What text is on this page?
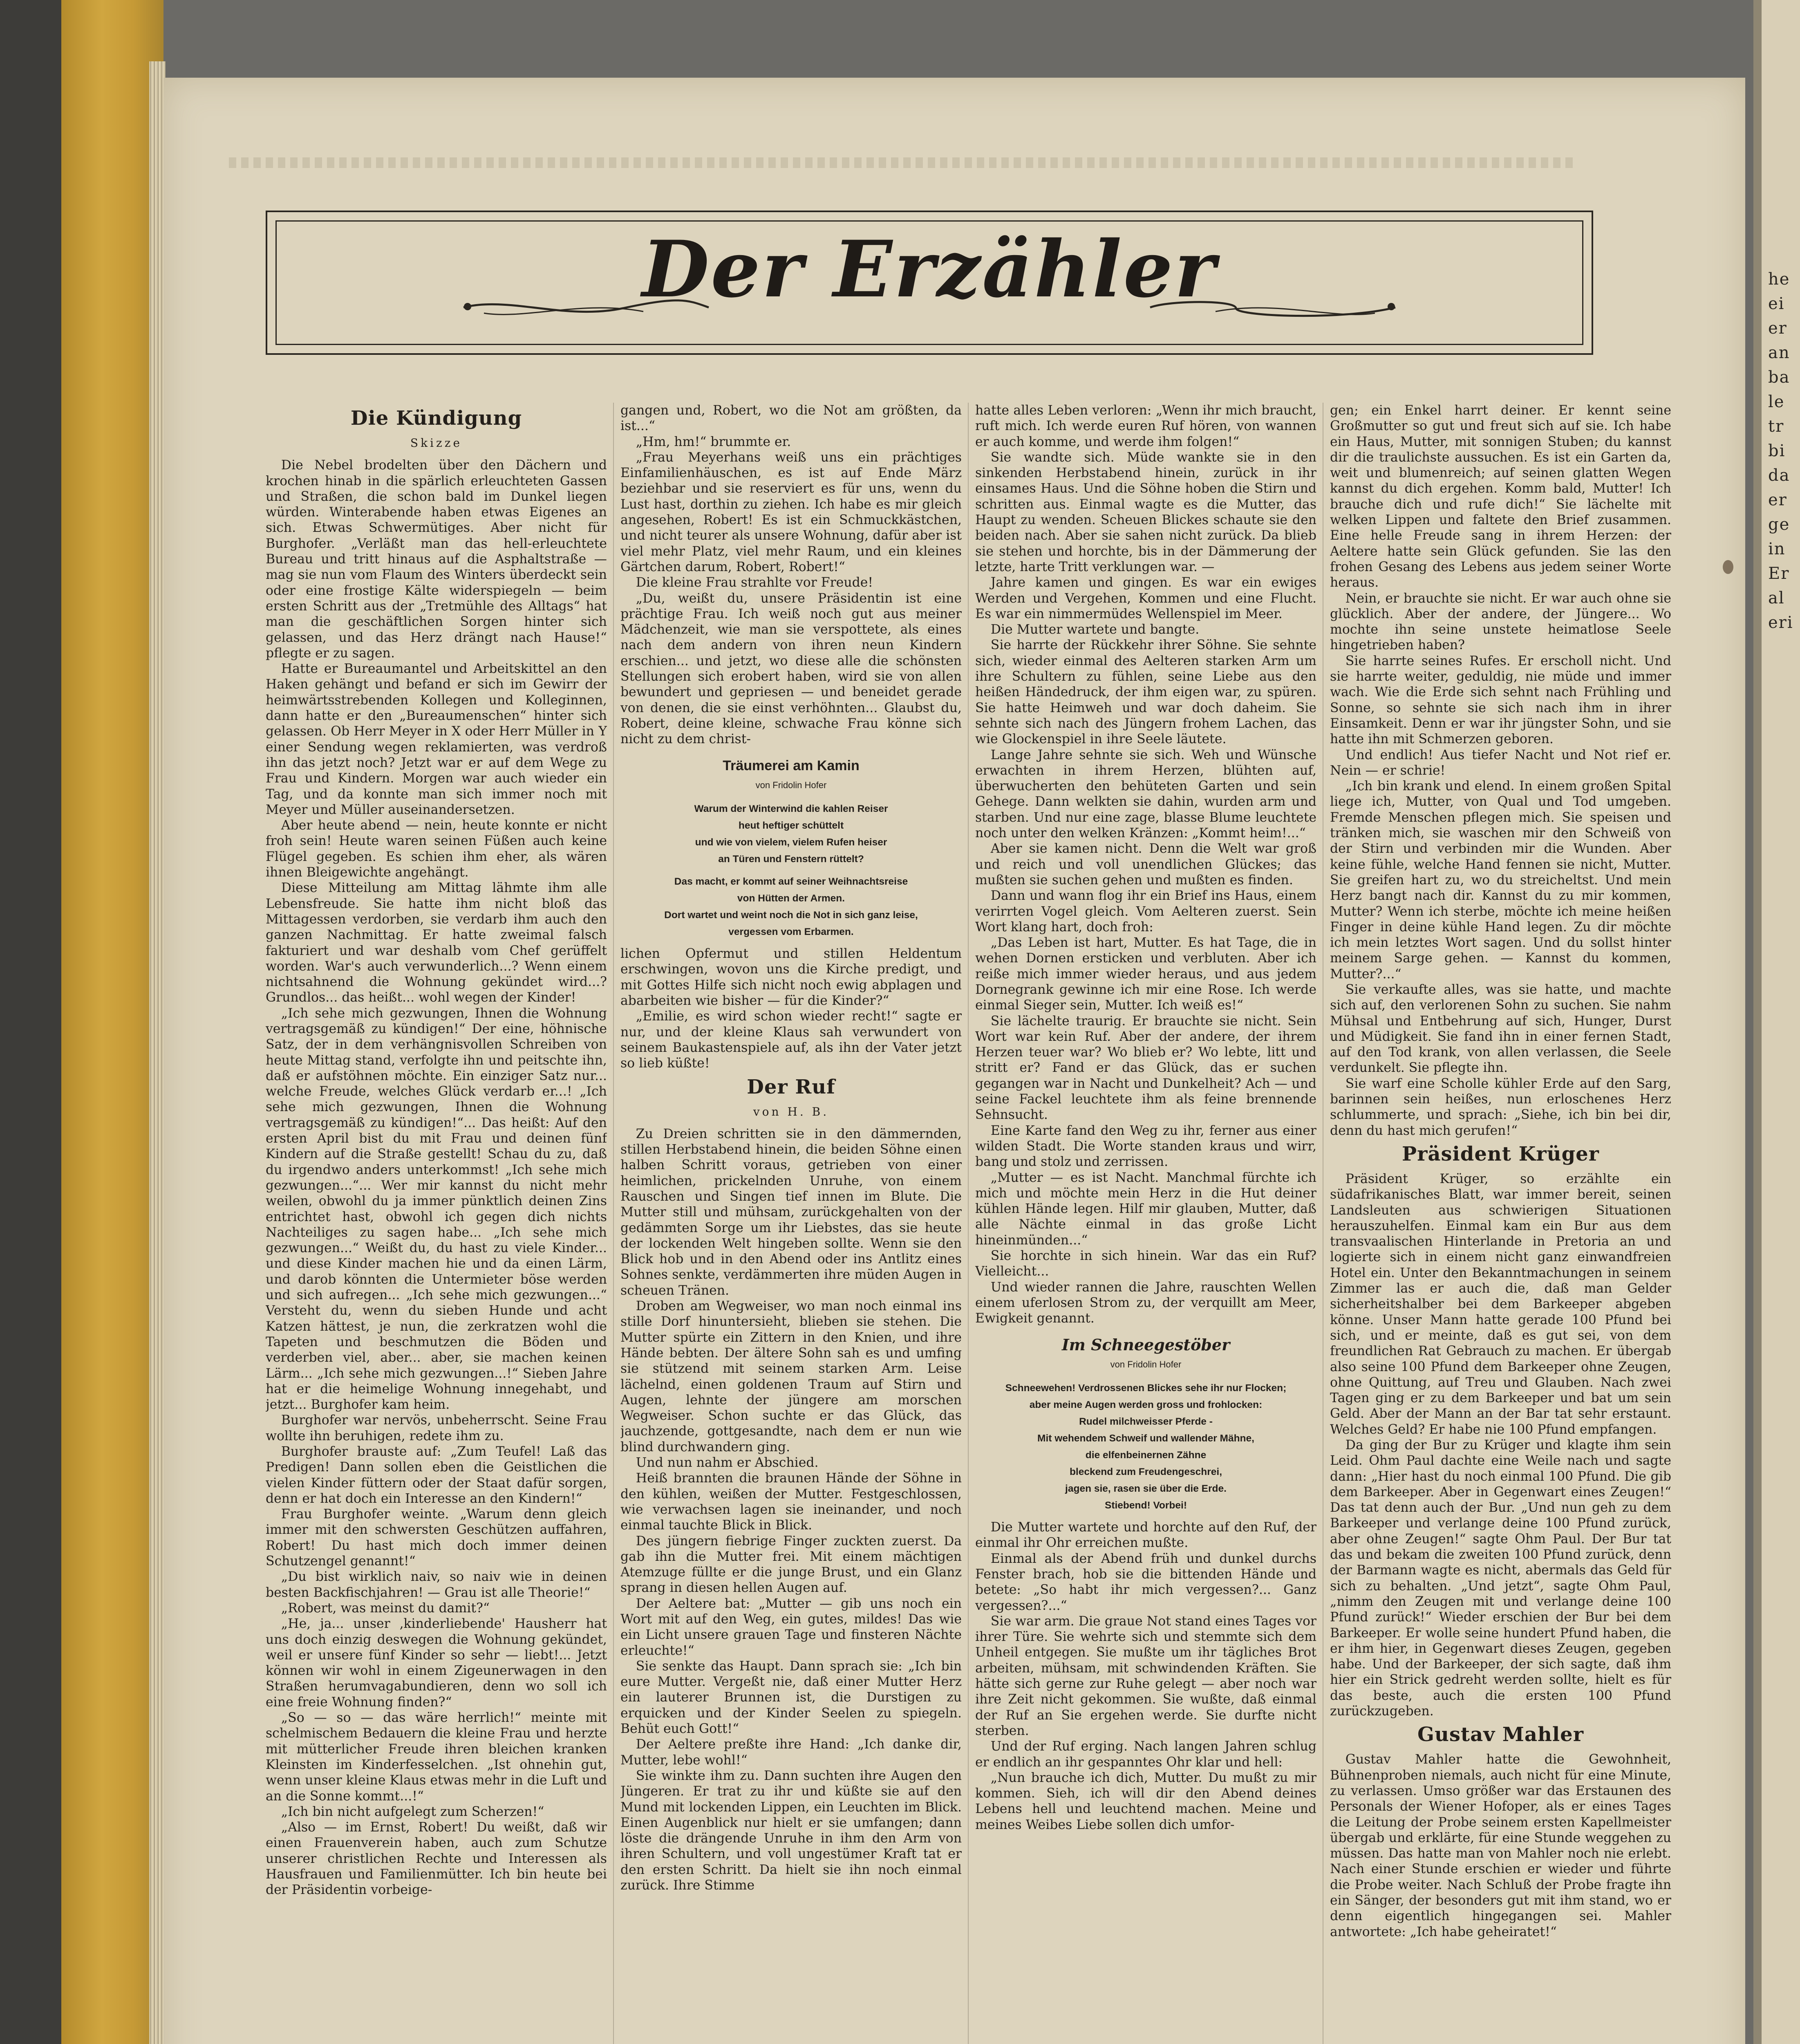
Der Erzähler
Die Kündigung
Skizze

Die Nebel brodelten über den Dächern und krochen hinab in die spärlich erleuchteten Gassen und Straßen, die schon bald im Dunkel liegen würden. Winterabende haben etwas Eigenes an sich. Etwas Schwermütiges. Aber nicht für Burghofer. „Verläßt man das hell-erleuchtete Bureau und tritt hinaus auf die Asphaltstraße — mag sie nun vom Flaum des Winters überdeckt sein oder eine frostige Kälte widerspiegeln — beim ersten Schritt aus der „Tretmühle des Alltags“ hat man die geschäftlichen Sorgen hinter sich gelassen, und das Herz drängt nach Hause!“ pflegte er zu sagen.

Hatte er Bureaumantel und Arbeitskittel an den Haken gehängt und befand er sich im Gewirr der heimwärtsstrebenden Kollegen und Kolleginnen, dann hatte er den „Bureaumenschen“ hinter sich gelassen. Ob Herr Meyer in X oder Herr Müller in Y einer Sendung wegen reklamierten, was verdroß ihn das jetzt noch? Jetzt war er auf dem Wege zu Frau und Kindern. Morgen war auch wieder ein Tag, und da konnte man sich immer noch mit Meyer und Müller auseinandersetzen.

Aber heute abend — nein, heute konnte er nicht froh sein! Heute waren seinen Füßen auch keine Flügel gegeben. Es schien ihm eher, als wären ihnen Bleigewichte angehängt.

Diese Mitteilung am Mittag lähmte ihm alle Lebensfreude. Sie hatte ihm nicht bloß das Mittagessen verdorben, sie verdarb ihm auch den ganzen Nachmittag. Er hatte zweimal falsch fakturiert und war deshalb vom Chef gerüffelt worden. War's auch verwunderlich...? Wenn einem nichtsahnend die Wohnung gekündet wird...? Grundlos... das heißt... wohl wegen der Kinder!

„Ich sehe mich gezwungen, Ihnen die Wohnung vertragsgemäß zu kündigen!“ Der eine, höhnische Satz, der in dem verhängnisvollen Schreiben von heute Mittag stand, verfolgte ihn und peitschte ihn, daß er aufstöhnen möchte. Ein einziger Satz nur... welche Freude, welches Glück verdarb er...! „Ich sehe mich gezwungen, Ihnen die Wohnung vertragsgemäß zu kündigen!“... Das heißt: Auf den ersten April bist du mit Frau und deinen fünf Kindern auf die Straße gestellt! Schau du zu, daß du irgendwo anders unterkommst! „Ich sehe mich gezwungen...“... Wer mir kannst du nicht mehr weilen, obwohl du ja immer pünktlich deinen Zins entrichtet hast, obwohl ich gegen dich nichts Nachteiliges zu sagen habe... „Ich sehe mich gezwungen...“ Weißt du, du hast zu viele Kinder... und diese Kinder machen hie und da einen Lärm, und darob könnten die Untermieter böse werden und sich aufregen... „Ich sehe mich gezwungen...“ Versteht du, wenn du sieben Hunde und acht Katzen hättest, je nun, die zerkratzen wohl die Tapeten und beschmutzen die Böden und verderben viel, aber... aber, sie machen keinen Lärm... „Ich sehe mich gezwungen...!“ Sieben Jahre hat er die heimelige Wohnung innegehabt, und jetzt... Burghofer kam heim.

Burghofer war nervös, unbeherrscht. Seine Frau wollte ihn beruhigen, redete ihm zu.

Burghofer brauste auf: „Zum Teufel! Laß das Predigen! Dann sollen eben die Geistlichen die vielen Kinder füttern oder der Staat dafür sorgen, denn er hat doch ein Interesse an den Kindern!“

Frau Burghofer weinte. „Warum denn gleich immer mit den schwersten Geschützen auffahren, Robert! Du hast mich doch immer deinen Schutzengel genannt!“

„Du bist wirklich naiv, so naiv wie in deinen besten Backfischjahren! — Grau ist alle Theorie!“

„Robert, was meinst du damit?“

„He, ja... unser ‚kinderliebende' Hausherr hat uns doch einzig deswegen die Wohnung gekündet, weil er unsere fünf Kinder so sehr — liebt!... Jetzt können wir wohl in einem Zigeunerwagen in den Straßen herumvagabundieren, denn wo soll ich eine freie Wohnung finden?“

„So — so — das wäre herrlich!“ meinte mit schelmischem Bedauern die kleine Frau und herzte mit mütterlicher Freude ihren bleichen kranken Kleinsten im Kinderfesselchen. „Ist ohnehin gut, wenn unser kleine Klaus etwas mehr in die Luft und an die Sonne kommt...!“

„Ich bin nicht aufgelegt zum Scherzen!“

„Also — im Ernst, Robert! Du weißt, daß wir einen Frauenverein haben, auch zum Schutze unserer christlichen Rechte und Interessen als Hausfrauen und Familienmütter. Ich bin heute bei der Präsidentin vorbeige-

gangen und, Robert, wo die Not am größten, da ist...“

„Hm, hm!“ brummte er.

„Frau Meyerhans weiß uns ein prächtiges Einfamilienhäuschen, es ist auf Ende März beziehbar und sie reserviert es für uns, wenn du Lust hast, dorthin zu ziehen. Ich habe es mir gleich angesehen, Robert! Es ist ein Schmuckkästchen, und nicht teurer als unsere Wohnung, dafür aber ist viel mehr Platz, viel mehr Raum, und ein kleines Gärtchen darum, Robert, Robert!“

Die kleine Frau strahlte vor Freude!

„Du, weißt du, unsere Präsidentin ist eine prächtige Frau. Ich weiß noch gut aus meiner Mädchenzeit, wie man sie verspottete, als eines nach dem andern von ihren neun Kindern erschien... und jetzt, wo diese alle die schönsten Stellungen sich erobert haben, wird sie von allen bewundert und gepriesen — und beneidet gerade von denen, die sie einst verhöhnten... Glaubst du, Robert, deine kleine, schwache Frau könne sich nicht zu dem christ-

Träumerei am Kamin
von Fridolin Hofer
Warum der Winterwind die kahlen Reiser
heut heftiger schüttelt
und wie von vielem, vielem Rufen heiser
an Türen und Fenstern rüttelt?
Das macht, er kommt auf seiner Weihnachtsreise
von Hütten der Armen.
Dort wartet und weint noch die Not in sich ganz leise,
vergessen vom Erbarmen.

lichen Opfermut und stillen Heldentum erschwingen, wovon uns die Kirche predigt, und mit Gottes Hilfe sich nicht noch ewig abplagen und abarbeiten wie bisher — für die Kinder?“

„Emilie, es wird schon wieder recht!“ sagte er nur, und der kleine Klaus sah verwundert von seinem Baukastenspiele auf, als ihn der Vater jetzt so lieb küßte!

Der Ruf
von H. B.

Zu Dreien schritten sie in den dämmernden, stillen Herbstabend hinein, die beiden Söhne einen halben Schritt voraus, getrieben von einer heimlichen, prickelnden Unruhe, von einem Rauschen und Singen tief innen im Blute. Die Mutter still und mühsam, zurückgehalten von der gedämmten Sorge um ihr Liebstes, das sie heute der lockenden Welt hingeben sollte. Wenn sie den Blick hob und in den Abend oder ins Antlitz eines Sohnes senkte, verdämmerten ihre müden Augen in scheuen Tränen.

Droben am Wegweiser, wo man noch einmal ins stille Dorf hinuntersieht, blieben sie stehen. Die Mutter spürte ein Zittern in den Knien, und ihre Hände bebten. Der ältere Sohn sah es und umfing sie stützend mit seinem starken Arm. Leise lächelnd, einen goldenen Traum auf Stirn und Augen, lehnte der jüngere am morschen Wegweiser. Schon suchte er das Glück, das jauchzende, gottgesandte, nach dem er nun wie blind durchwandern ging.

Und nun nahm er Abschied.

Heiß brannten die braunen Hände der Söhne in den kühlen, weißen der Mutter. Festgeschlossen, wie verwachsen lagen sie ineinander, und noch einmal tauchte Blick in Blick.

Des jüngern fiebrige Finger zuckten zuerst. Da gab ihn die Mutter frei. Mit einem mächtigen Atemzuge füllte er die junge Brust, und ein Glanz sprang in diesen hellen Augen auf.

Der Aeltere bat: „Mutter — gib uns noch ein Wort mit auf den Weg, ein gutes, mildes! Das wie ein Licht unsere grauen Tage und finsteren Nächte erleuchte!“

Sie senkte das Haupt. Dann sprach sie: „Ich bin eure Mutter. Vergeßt nie, daß einer Mutter Herz ein lauterer Brunnen ist, die Durstigen zu erquicken und der Kinder Seelen zu spiegeln. Behüt euch Gott!“

Der Aeltere preßte ihre Hand: „Ich danke dir, Mutter, lebe wohl!“

Sie winkte ihm zu. Dann suchten ihre Augen den Jüngeren. Er trat zu ihr und küßte sie auf den Mund mit lockenden Lippen, ein Leuchten im Blick. Einen Augenblick nur hielt er sie umfangen; dann löste die drängende Unruhe in ihm den Arm von ihren Schultern, und voll ungestümer Kraft tat er den ersten Schritt. Da hielt sie ihn noch einmal zurück. Ihre Stimme

hatte alles Leben verloren: „Wenn ihr mich braucht, ruft mich. Ich werde euren Ruf hören, von wannen er auch komme, und werde ihm folgen!“

Sie wandte sich. Müde wankte sie in den sinkenden Herbstabend hinein, zurück in ihr einsames Haus. Und die Söhne hoben die Stirn und schritten aus. Einmal wagte es die Mutter, das Haupt zu wenden. Scheuen Blickes schaute sie den beiden nach. Aber sie sahen nicht zurück. Da blieb sie stehen und horchte, bis in der Dämmerung der letzte, harte Tritt verklungen war. —

Jahre kamen und gingen. Es war ein ewiges Werden und Vergehen, Kommen und eine Flucht. Es war ein nimmermüdes Wellenspiel im Meer.

Die Mutter wartete und bangte.

Sie harrte der Rückkehr ihrer Söhne. Sie sehnte sich, wieder einmal des Aelteren starken Arm um ihre Schultern zu fühlen, seine Liebe aus den heißen Händedruck, der ihm eigen war, zu spüren. Sie hatte Heimweh und war doch daheim. Sie sehnte sich nach des Jüngern frohem Lachen, das wie Glockenspiel in ihre Seele läutete.

Lange Jahre sehnte sie sich. Weh und Wünsche erwachten in ihrem Herzen, blühten auf, überwucherten den behüteten Garten und sein Gehege. Dann welkten sie dahin, wurden arm und starben. Und nur eine zage, blasse Blume leuchtete noch unter den welken Kränzen: „Kommt heim!...“

Aber sie kamen nicht. Denn die Welt war groß und reich und voll unendlichen Glückes; das mußten sie suchen gehen und mußten es finden.

Dann und wann flog ihr ein Brief ins Haus, einem verirrten Vogel gleich. Vom Aelteren zuerst. Sein Wort klang hart, doch froh:

„Das Leben ist hart, Mutter. Es hat Tage, die in wehen Dornen ersticken und verbluten. Aber ich reiße mich immer wieder heraus, und aus jedem Dornegrank gewinne ich mir eine Rose. Ich werde einmal Sieger sein, Mutter. Ich weiß es!“

Sie lächelte traurig. Er brauchte sie nicht. Sein Wort war kein Ruf. Aber der andere, der ihrem Herzen teuer war? Wo blieb er? Wo lebte, litt und stritt er? Fand er das Glück, das er suchen gegangen war in Nacht und Dunkelheit? Ach — und seine Fackel leuchtete ihm als feine brennende Sehnsucht.

Eine Karte fand den Weg zu ihr, ferner aus einer wilden Stadt. Die Worte standen kraus und wirr, bang und stolz und zerrissen.

„Mutter — es ist Nacht. Manchmal fürchte ich mich und möchte mein Herz in die Hut deiner kühlen Hände legen. Hilf mir glauben, Mutter, daß alle Nächte einmal in das große Licht hineinmünden...“

Sie horchte in sich hinein. War das ein Ruf? Vielleicht...

Und wieder rannen die Jahre, rauschten Wellen einem uferlosen Strom zu, der verquillt am Meer, Ewigkeit genannt.

Im Schneegestöber
von Fridolin Hofer
Schneewehen! Verdrossenen Blickes sehe ihr nur Flocken;
aber meine Augen werden gross und frohlocken:
Rudel milchweisser Pferde -
Mit wehendem Schweif und wallender Mähne,
die elfenbeinernen Zähne
bleckend zum Freudengeschrei,
jagen sie, rasen sie über die Erde.
Stiebend! Vorbei!

Die Mutter wartete und horchte auf den Ruf, der einmal ihr Ohr erreichen mußte.

Einmal als der Abend früh und dunkel durchs Fenster brach, hob sie die bittenden Hände und betete: „So habt ihr mich vergessen?... Ganz vergessen?...“

Sie war arm. Die graue Not stand eines Tages vor ihrer Türe. Sie wehrte sich und stemmte sich dem Unheil entgegen. Sie mußte um ihr tägliches Brot arbeiten, mühsam, mit schwindenden Kräften. Sie hätte sich gerne zur Ruhe gelegt — aber noch war ihre Zeit nicht gekommen. Sie wußte, daß einmal der Ruf an Sie ergehen werde. Sie durfte nicht sterben.

Und der Ruf erging. Nach langen Jahren schlug er endlich an ihr gespanntes Ohr klar und hell:

„Nun brauche ich dich, Mutter. Du mußt zu mir kommen. Sieh, ich will dir den Abend deines Lebens hell und leuchtend machen. Meine und meines Weibes Liebe sollen dich umfor-

gen; ein Enkel harrt deiner. Er kennt seine Großmutter so gut und freut sich auf sie. Ich habe ein Haus, Mutter, mit sonnigen Stuben; du kannst dir die traulichste aussuchen. Es ist ein Garten da, weit und blumenreich; auf seinen glatten Wegen kannst du dich ergehen. Komm bald, Mutter! Ich brauche dich und rufe dich!“ Sie lächelte mit welken Lippen und faltete den Brief zusammen. Eine helle Freude sang in ihrem Herzen: der Aeltere hatte sein Glück gefunden. Sie las den frohen Gesang des Lebens aus jedem seiner Worte heraus.

Nein, er brauchte sie nicht. Er war auch ohne sie glücklich. Aber der andere, der Jüngere... Wo mochte ihn seine unstete heimatlose Seele hingetrieben haben?

Sie harrte seines Rufes. Er erscholl nicht. Und sie harrte weiter, geduldig, nie müde und immer wach. Wie die Erde sich sehnt nach Frühling und Sonne, so sehnte sie sich nach ihm in ihrer Einsamkeit. Denn er war ihr jüngster Sohn, und sie hatte ihn mit Schmerzen geboren.

Und endlich! Aus tiefer Nacht und Not rief er. Nein — er schrie!

„Ich bin krank und elend. In einem großen Spital liege ich, Mutter, von Qual und Tod umgeben. Fremde Menschen pflegen mich. Sie speisen und tränken mich, sie waschen mir den Schweiß von der Stirn und verbinden mir die Wunden. Aber keine fühle, welche Hand fennen sie nicht, Mutter. Sie greifen hart zu, wo du streicheltst. Und mein Herz bangt nach dir. Kannst du zu mir kommen, Mutter? Wenn ich sterbe, möchte ich meine heißen Finger in deine kühle Hand legen. Zu dir möchte ich mein letztes Wort sagen. Und du sollst hinter meinem Sarge gehen. — Kannst du kommen, Mutter?...“

Sie verkaufte alles, was sie hatte, und machte sich auf, den verlorenen Sohn zu suchen. Sie nahm Mühsal und Entbehrung auf sich, Hunger, Durst und Müdigkeit. Sie fand ihn in einer fernen Stadt, auf den Tod krank, von allen verlassen, die Seele verdunkelt. Sie pflegte ihn.

Sie warf eine Scholle kühler Erde auf den Sarg, barinnen sein heißes, nun erloschenes Herz schlummerte, und sprach: „Siehe, ich bin bei dir, denn du hast mich gerufen!“

Präsident Krüger

Präsident Krüger, so erzählte ein südafrikanisches Blatt, war immer bereit, seinen Landsleuten aus schwierigen Situationen herauszuhelfen. Einmal kam ein Bur aus dem transvaalischen Hinterlande in Pretoria an und logierte sich in einem nicht ganz einwandfreien Hotel ein. Unter den Bekanntmachungen in seinem Zimmer las er auch die, daß man Gelder sicherheitshalber bei dem Barkeeper abgeben könne. Unser Mann hatte gerade 100 Pfund bei sich, und er meinte, daß es gut sei, von dem freundlichen Rat Gebrauch zu machen. Er übergab also seine 100 Pfund dem Barkeeper ohne Zeugen, ohne Quittung, auf Treu und Glauben. Nach zwei Tagen ging er zu dem Barkeeper und bat um sein Geld. Aber der Mann an der Bar tat sehr erstaunt. Welches Geld? Er habe nie 100 Pfund empfangen.

Da ging der Bur zu Krüger und klagte ihm sein Leid. Ohm Paul dachte eine Weile nach und sagte dann: „Hier hast du noch einmal 100 Pfund. Die gib dem Barkeeper. Aber in Gegenwart eines Zeugen!“ Das tat denn auch der Bur. „Und nun geh zu dem Barkeeper und verlange deine 100 Pfund zurück, aber ohne Zeugen!“ sagte Ohm Paul. Der Bur tat das und bekam die zweiten 100 Pfund zurück, denn der Barmann wagte es nicht, abermals das Geld für sich zu behalten. „Und jetzt“, sagte Ohm Paul, „nimm den Zeugen mit und verlange deine 100 Pfund zurück!“ Wieder erschien der Bur bei dem Barkeeper. Er wolle seine hundert Pfund haben, die er ihm hier, in Gegenwart dieses Zeugen, gegeben habe. Und der Barkeeper, der sich sagte, daß ihm hier ein Strick gedreht werden sollte, hielt es für das beste, auch die ersten 100 Pfund zurückzugeben.

Gustav Mahler

Gustav Mahler hatte die Gewohnheit, Bühnenproben niemals, auch nicht für eine Minute, zu verlassen. Umso größer war das Erstaunen des Personals der Wiener Hofoper, als er eines Tages die Leitung der Probe seinem ersten Kapellmeister übergab und erklärte, für eine Stunde weggehen zu müssen. Das hatte man von Mahler noch nie erlebt. Nach einer Stunde erschien er wieder und führte die Probe weiter. Nach Schluß der Probe fragte ihn ein Sänger, der besonders gut mit ihm stand, wo er denn eigentlich hingegangen sei. Mahler antwortete: „Ich habe geheiratet!“

he
ei
er
an
ba
le
tr
bi
da
er
ge
in
Er
al
eri
